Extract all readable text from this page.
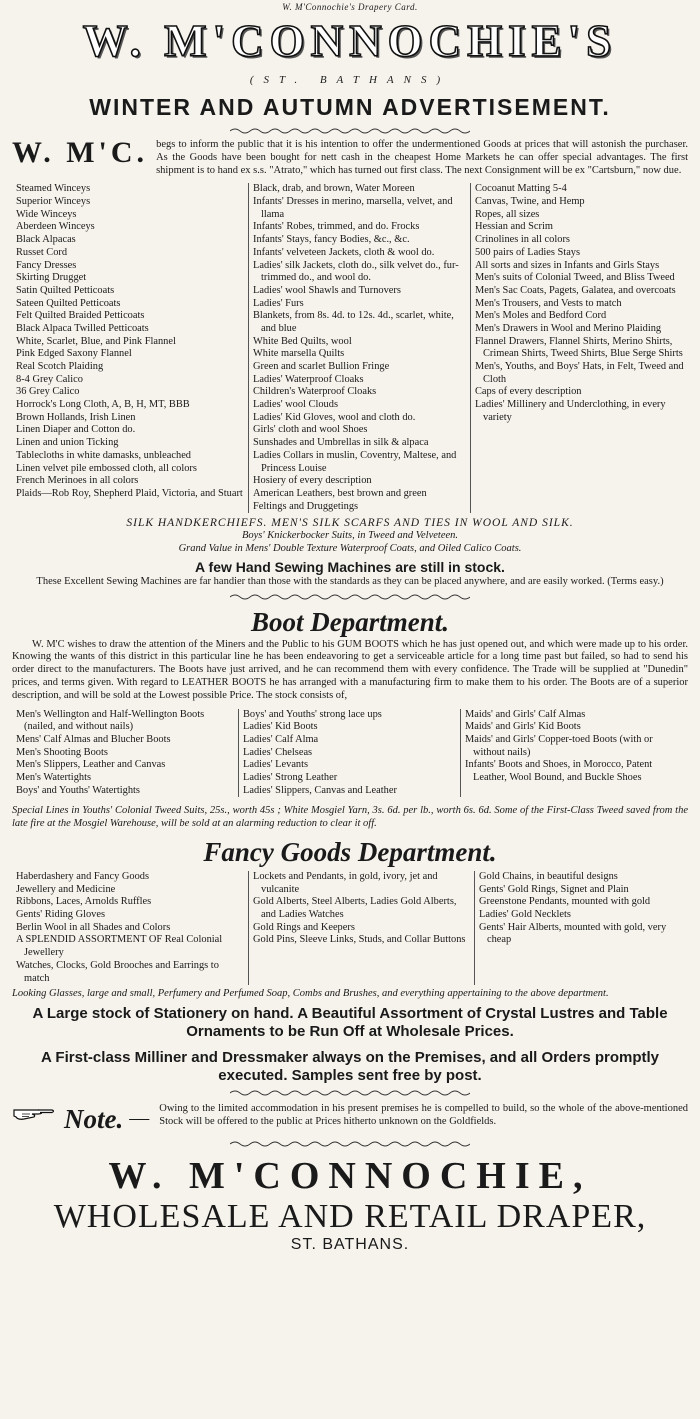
W. M'Connochie's Drapery Card.
W. M'CONNOCHIE'S
(ST. BATHANS)
WINTER AND AUTUMN ADVERTISEMENT.
W. M'C. begs to inform the public that it is his intention to offer the undermentioned Goods at prices that will astonish the purchaser. As the Goods have been bought for nett cash in the cheapest Home Markets he can offer special advantages. The first shipment is to hand ex s.s. "Atrato," which has turned out first class. The next Consignment will be ex "Cartsburn," now due.
Steamed Winceys
Superior Winceys
Wide Winceys
Aberdeen Winceys
Black Alpacas
Russet Cord
Fancy Dresses
Skirting Drugget
Satin Quilted Petticoats
Sateen Quilted Petticoats
Felt Quilted Braided Petticoats
Black Alpaca Twilled Petticoats
White, Scarlet, Blue, and Pink Flannel
Pink Edged Saxony Flannel
Real Scotch Plaiding
8-4 Grey Calico
36 Grey Calico
Horrock's Long Cloth, A, B, H, MT, BBB
Brown Hollands, Irish Linen
Linen Diaper and Cotton do.
Linen and union Ticking
Tablecloths in white damasks, unbleached
Linen velvet pile embossed cloth, all colors
French Merinoes in all colors
Plaids—Rob Roy, Shepherd Plaid, Victoria, and Stuart
Black, drab, and brown, Water Moreen
Infants' Dresses in merino, marsella, velvet, and llama
Infants' Robes, trimmed, and do. Frocks
Infants' Stays, fancy Bodies, &c., &c.
Infants' velveteen Jackets, cloth & wool do.
Ladies' silk Jackets, cloth do., silk velvet do., fur-trimmed do., and wool do.
Ladies' wool Shawls and Turnovers
Ladies' Furs
Blankets, from 8s. 4d. to 12s. 4d., scarlet, white, and blue
White Bed Quilts, wool
White marsella Quilts
Green and scarlet Bullion Fringe
Ladies' Waterproof Cloaks
Children's Waterproof Cloaks
Ladies' wool Clouds
Ladies' Kid Gloves, wool and cloth do.
Girls' cloth and wool Shoes
Sunshades and Umbrellas in silk & alpaca
Ladies Collars in muslin, Coventry, Maltese, and Princess Louise
Hosiery of every description
American Leathers, best brown and green
Feltings and Druggetings
Cocoanut Matting 5-4
Canvas, Twine, and Hemp
Ropes, all sizes
Hessian and Scrim
Crinolines in all colors
500 pairs of Ladies Stays
All sorts and sizes in Infants and Girls Stays
Men's suits of Colonial Tweed, and Bliss Tweed
Men's Sac Coats, Pagets, Galatea, and overcoats
Men's Trousers, and Vests to match
Men's Moles and Bedford Cord
Men's Drawers in Wool and Merino Plaiding
Flannel Drawers, Flannel Shirts, Merino Shirts, Crimean Shirts, Tweed Shirts, Blue Serge Shirts
Men's, Youths, and Boys' Hats, in Felt, Tweed and Cloth
Caps of every description
Ladies' Millinery and Underclothing, in every variety
SILK HANDKERCHIEFS. MEN'S SILK SCARFS AND TIES IN WOOL AND SILK.
Boys' Knickerbocker Suits, in Tweed and Velveteen.
Grand Value in Mens' Double Texture Waterproof Coats, and Oiled Calico Coats.
A few Hand Sewing Machines are still in stock.
These Excellent Sewing Machines are far handier than those with the standards as they can be placed anywhere, and are easily worked. (Terms easy.)
Boot Department.
W. M'C wishes to draw the attention of the Miners and the Public to his GUM BOOTS which he has just opened out, and which were made up to his order. Knowing the wants of this district in this particular line he has been endeavoring to get a serviceable article for a long time past but failed, so had to send his order direct to the manufacturers. The Boots have just arrived, and he can recommend them with every confidence. The Trade will be supplied at "Dunedin" prices, and terms given. With regard to LEATHER BOOTS he has arranged with a manufacturing firm to make them to his order. The Boots are of a superior description, and will be sold at the Lowest possible Price. The stock consists of,
Men's Wellington and Half-Wellington Boots (nailed, and without nails)
Mens' Calf Almas and Blucher Boots
Men's Shooting Boots
Men's Slippers, Leather and Canvas
Men's Watertights
Boys' and Youths' Watertights
Boys' and Youths' strong lace ups
Ladies' Kid Boots
Ladies' Calf Alma
Ladies' Chelseas
Ladies' Levants
Ladies' Strong Leather
Ladies' Slippers, Canvas and Leather
Maids' and Girls' Calf Almas
Maids' and Girls' Kid Boots
Maids' and Girls' Copper-toed Boots (with or without nails)
Infants' Boots and Shoes, in Morocco, Patent Leather, Wool Bound, and Buckle Shoes
Special Lines in Youths' Colonial Tweed Suits, 25s., worth 45s ; White Mosgiel Yarn, 3s. 6d. per lb., worth 6s. 6d. Some of the First-Class Tweed saved from the late fire at the Mosgiel Warehouse, will be sold at an alarming reduction to clear it off.
Fancy Goods Department.
Haberdashery and Fancy Goods
Jewellery and Medicine
Ribbons, Laces, Arnolds Ruffles
Gents' Riding Gloves
Berlin Wool in all Shades and Colors
A SPLENDID ASSORTMENT OF Real Colonial Jewellery
Watches, Clocks, Gold Brooches and Earrings to match
Lockets and Pendants, in gold, ivory, jet and vulcanite
Gold Alberts, Steel Alberts, Ladies Gold Alberts, and Ladies Watches
Gold Rings and Keepers
Gold Pins, Sleeve Links, Studs, and Collar Buttons
Gold Chains, in beautiful designs
Gents' Gold Rings, Signet and Plain
Greenstone Pendants, mounted with gold
Ladies' Gold Necklets
Gents' Hair Alberts, mounted with gold, very cheap
Looking Glasses, large and small, Perfumery and Perfumed Soap, Combs and Brushes, and everything appertaining to the above department.
A Large stock of Stationery on hand. A Beautiful Assortment of Crystal Lustres and Table Ornaments to be Run Off at Wholesale Prices.
A First-class Milliner and Dressmaker always on the Premises, and all Orders promptly executed. Samples sent free by post.
Note. — Owing to the limited accommodation in his present premises he is compelled to build, so the whole of the above-mentioned Stock will be offered to the public at Prices hitherto unknown on the Goldfields.
W. M'CONNOCHIE,
WHOLESALE AND RETAIL DRAPER,
ST. BATHANS.
